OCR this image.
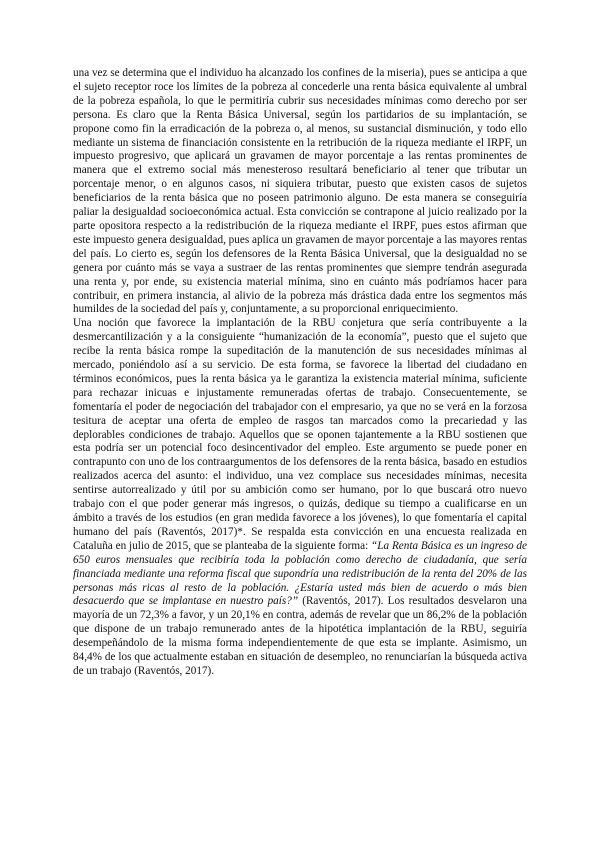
una vez se determina que el individuo ha alcanzado los confines de la miseria), pues se anticipa a que el sujeto receptor roce los límites de la pobreza al concederle una renta básica equivalente al umbral de la pobreza española, lo que le permitiría cubrir sus necesidades mínimas como derecho por ser persona. Es claro que la Renta Básica Universal, según los partidarios de su implantación, se propone como fin la erradicación de la pobreza o, al menos, su sustancial disminución, y todo ello mediante un sistema de financiación consistente en la retribución de la riqueza mediante el IRPF, un impuesto progresivo, que aplicará un gravamen de mayor porcentaje a las rentas prominentes de manera que el extremo social más menesteroso resultará beneficiario al tener que tributar un porcentaje menor, o en algunos casos, ni siquiera tributar, puesto que existen casos de sujetos beneficiarios de la renta básica que no poseen patrimonio alguno. De esta manera se conseguiría paliar la desigualdad socioeconómica actual. Esta convicción se contrapone al juicio realizado por la parte opositora respecto a la redistribución de la riqueza mediante el IRPF, pues estos afirman que este impuesto genera desigualdad, pues aplica un gravamen de mayor porcentaje a las mayores rentas del país. Lo cierto es, según los defensores de la Renta Básica Universal, que la desigualdad no se genera por cuánto más se vaya a sustraer de las rentas prominentes que siempre tendrán asegurada una renta y, por ende, su existencia material mínima, sino en cuánto más podríamos hacer para contribuir, en primera instancia, al alivio de la pobreza más drástica dada entre los segmentos más humildes de la sociedad del país y, conjuntamente, a su proporcional enriquecimiento.

Una noción que favorece la implantación de la RBU conjetura que sería contribuyente a la desmercantilización y a la consiguiente “humanización de la economía”, puesto que el sujeto que recibe la renta básica rompe la supeditación de la manutención de sus necesidades mínimas al mercado, poniéndolo así a su servicio. De esta forma, se favorece la libertad del ciudadano en términos económicos, pues la renta básica ya le garantiza la existencia material mínima, suficiente para rechazar inicuas e injustamente remuneradas ofertas de trabajo. Consecuentemente, se fomentaría el poder de negociación del trabajador con el empresario, ya que no se verá en la forzosa tesitura de aceptar una oferta de empleo de rasgos tan marcados como la precariedad y las deplorables condiciones de trabajo. Aquellos que se oponen tajantemente a la RBU sostienen que esta podría ser un potencial foco desincentivador del empleo. Este argumento se puede poner en contrapunto con uno de los contraargumentos de los defensores de la renta básica, basado en estudios realizados acerca del asunto: el individuo, una vez complace sus necesidades mínimas, necesita sentirse autorrealizado y útil por su ambición como ser humano, por lo que buscará otro nuevo trabajo con el que poder generar más ingresos, o quizás, dedique su tiempo a cualificarse en un ámbito a través de los estudios (en gran medida favorece a los jóvenes), lo que fomentaría el capital humano del país (Raventós, 2017)*. Se respalda esta convicción en una encuesta realizada en Cataluña en julio de 2015, que se planteaba de la siguiente forma: “La Renta Básica es un ingreso de 650 euros mensuales que recibiría toda la población como derecho de ciudadanía, que sería financiada mediante una reforma fiscal que supondría una redistribución de la renta del 20% de las personas más ricas al resto de la población. ¿Estaría usted más bien de acuerdo o más bien desacuerdo que se implantase en nuestro país?” (Raventós, 2017). Los resultados desvelaron una mayoría de un 72,3% a favor, y un 20,1% en contra, además de revelar que un 86,2% de la población que dispone de un trabajo remunerado antes de la hipotética implantación de la RBU, seguiría desempeñándolo de la misma forma independientemente de que esta se implante. Asimismo, un 84,4% de los que actualmente estaban en situación de desempleo, no renunciarían la búsqueda activa de un trabajo (Raventós, 2017).
